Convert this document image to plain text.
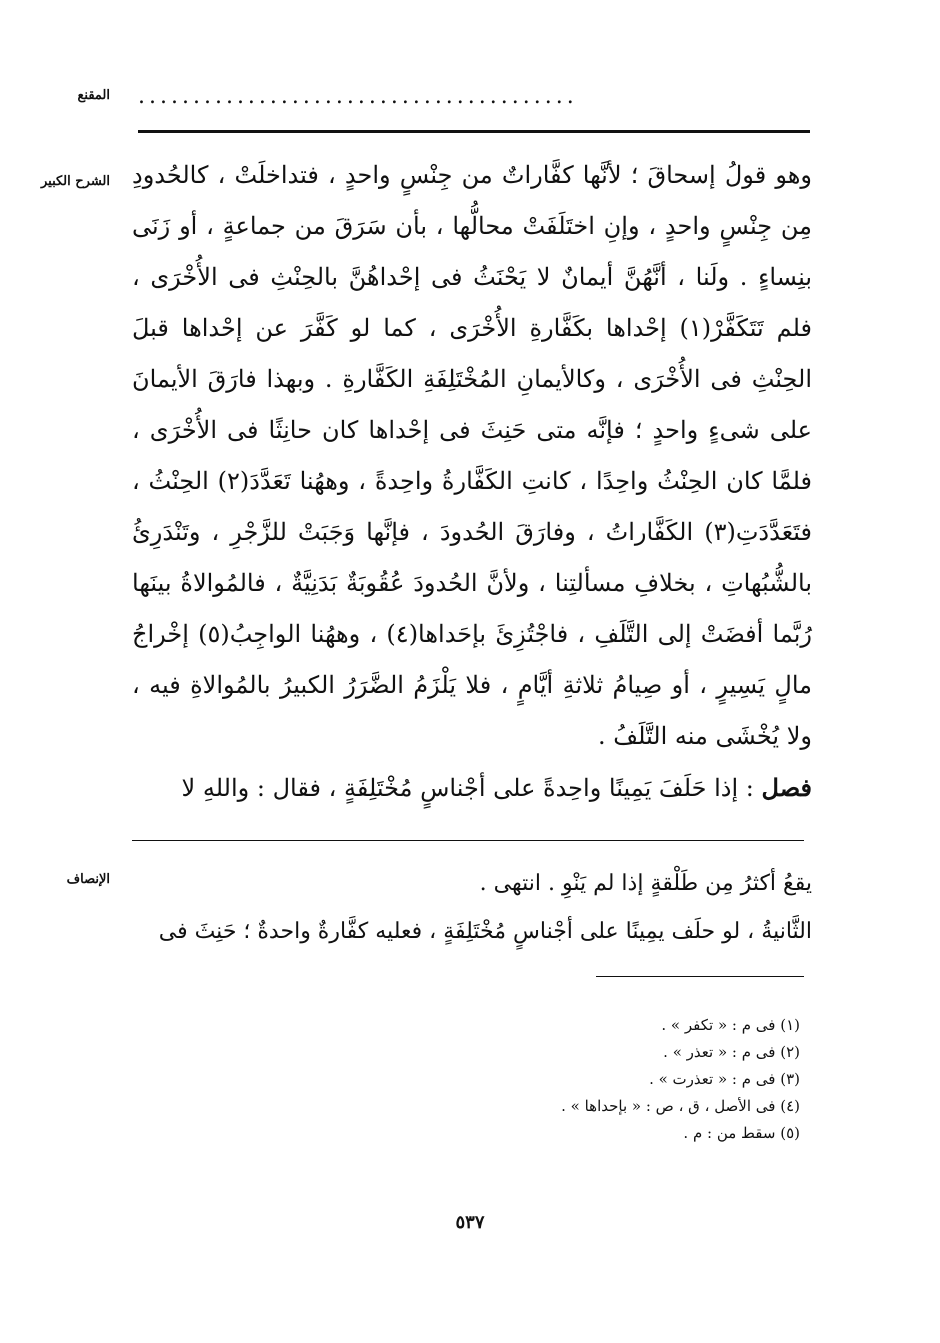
........................................
المقنع
الشرح الكبير وهو قولُ إسحاقَ ؛ لأنَّها كفَّاراتٌ من جِنْسٍ واحدٍ ، فتداخلَتْ ، كالحُدودِ مِن جِنْسٍ واحدٍ ، وإنِ اختَلَفَتْ محالُّها ، بأن سَرَقَ من جماعةٍ ، أو زَنَى بنِساءٍ . ولَنا ، أنَّهُنَّ أيمانٌ لا يَحْنَثُ فى إحْداهُنَّ بالحِنْثِ فى الأُخْرَى ، فلم تَتَكَفَّرْ(١) إحْداها بكَفَّارةِ الأُخْرَى ، كما لو كَفَّرَ عن إحْداها قبلَ الحِنْثِ فى الأُخْرَى ، وكالأيمانِ المُخْتَلِفَةِ الكَفَّارةِ . وبهذا فارَقَ الأيمانَ على شىءٍ واحدٍ ؛ فإنَّه متى حَنِثَ فى إحْداها كان حانِثًا فى الأُخْرَى ، فلمَّا كان الحِنْثُ واحِدًا ، كانتِ الكَفَّارةُ واحِدةً ، وههُنا تَعَدَّدَ(٢) الحِنْثُ ، فتَعَدَّدَتِ(٣) الكَفَّاراتُ ، وفارَقَ الحُدودَ ، فإنَّها وَجَبَتْ للزَّجْرِ ، وتَنْدَرِئُ بالشُّبُهاتِ ، بخلافِ مسألتِنا ، ولأنَّ الحُدودَ عُقُوبَةٌ بَدَنِيَّةٌ ، فالمُوالاةُ بينَها رُبَّما أفضَتْ إلى التَّلَفِ ، فاجْتُزِئَ بإحَداها(٤) ، وههُنا الواجِبُ(٥) إخْراجُ مالٍ يَسِيرٍ ، أو صِيامُ ثلاثةِ أيَّامٍ ، فلا يَلْزَمُ الضَّرَرُ الكبيرُ بالمُوالاةِ فيه ، ولا يُخْشَى منه التَّلَفُ .

فصل : إذا حَلَفَ يَمِينًا واحِدةً على أجْناسٍ مُخْتَلِفَةٍ ، فقال : واللهِ لا

الإنصاف	يقعُ أكثرُ مِن طَلْقةٍ إذا لم يَنْوِ . انتهى .

الثَّانيةُ ، لو حلَف يمِينًا على أجْناسٍ مُخْتَلِفَةٍ ، فعليه كفَّارةٌ واحدةٌ ؛ حَنِثَ فى

(١) فى م : « تكفر » .
(٢) فى م : « تعذر » .
(٣) فى م : « تعذرت » .
(٤) فى الأصل ، ق ، ص : « بإحداها » .
(٥) سقط من : م .
٥٣٧
